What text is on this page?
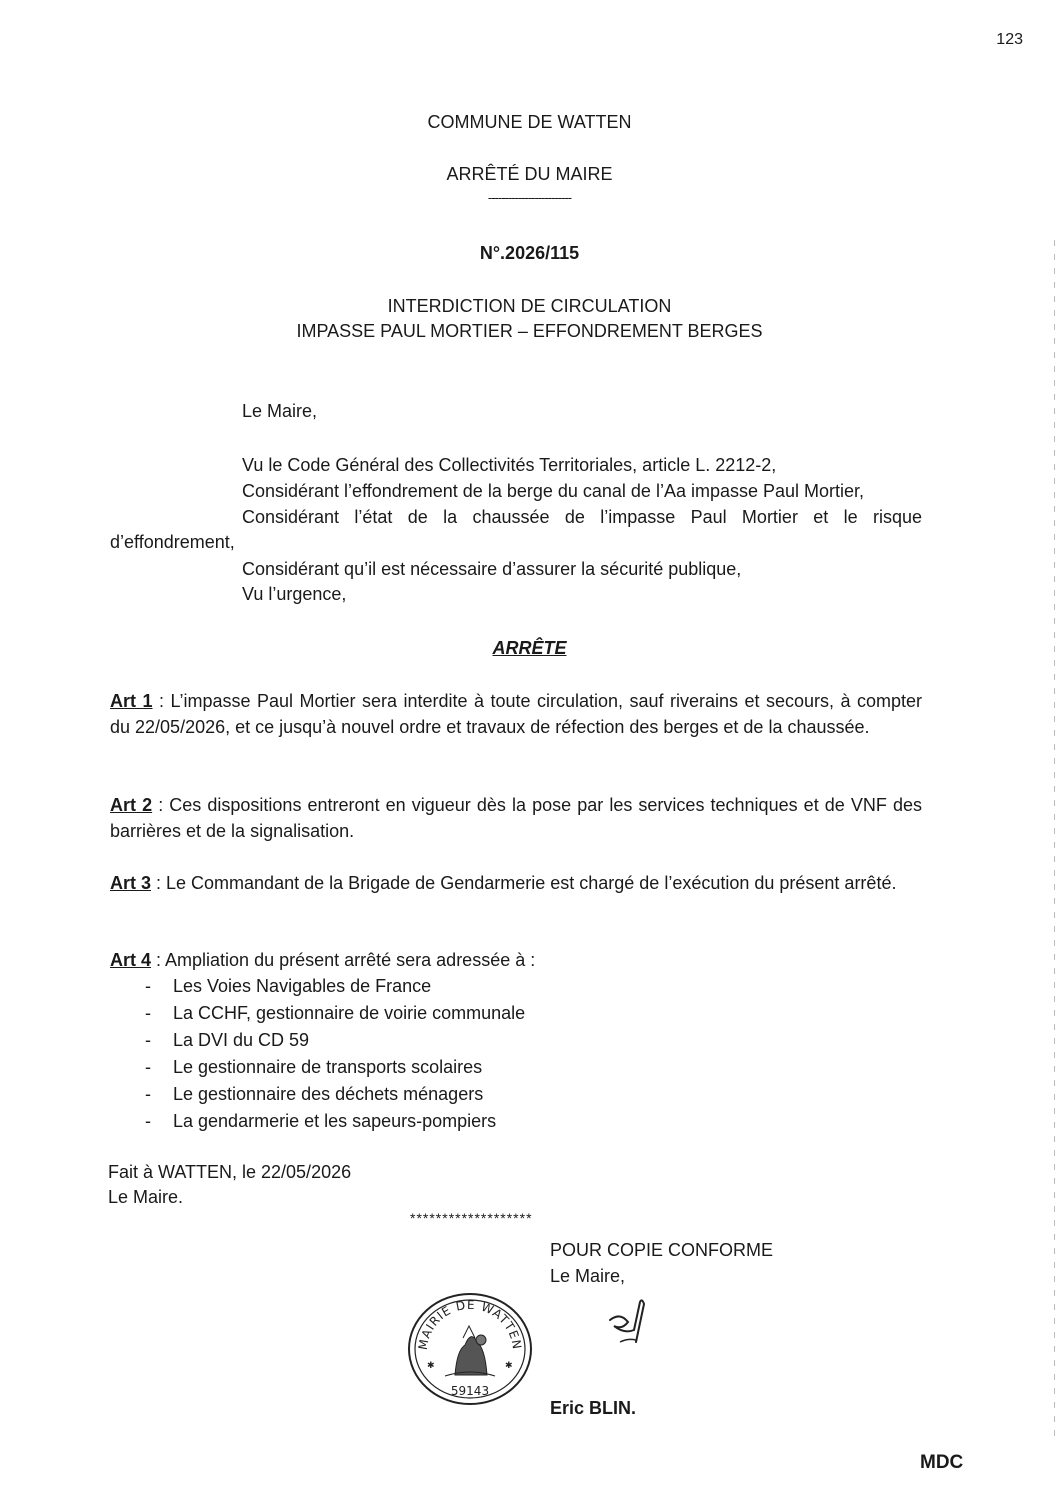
123
COMMUNE DE WATTEN
ARRÊTÉ DU MAIRE
-------------------------
N°.2026/115
INTERDICTION DE CIRCULATION
IMPASSE PAUL MORTIER – EFFONDREMENT BERGES
Le Maire,
Vu le Code Général des Collectivités Territoriales, article L. 2212-2,
Considérant l’effondrement de la berge du canal de l’Aa impasse Paul Mortier,
Considérant l’état de la chaussée de l’impasse Paul Mortier et le risque
d’effondrement,
Considérant qu’il est nécessaire d’assurer la sécurité publique,
Vu l’urgence,
ARRÊTE
Art 1 : L’impasse Paul Mortier sera interdite à toute circulation, sauf riverains et secours, à compter du 22/05/2026, et ce jusqu’à nouvel ordre et travaux de réfection des berges et de la chaussée.
Art 2 : Ces dispositions entreront en vigueur dès la pose par les services techniques et de VNF des barrières et de la signalisation.
Art 3 : Le Commandant de la Brigade de Gendarmerie est chargé de l’exécution du présent arrêté.
Art 4 : Ampliation du présent arrêté sera adressée à :
- Les Voies Navigables de France
- La CCHF, gestionnaire de voirie communale
- La DVI du CD 59
- Le gestionnaire de transports scolaires
- Le gestionnaire des déchets ménagers
- La gendarmerie et les sapeurs-pompiers
Fait à WATTEN, le 22/05/2026
Le Maire.
*******************
POUR COPIE CONFORME
Le Maire,
MAIRIE DE WATTEN
59143
✱	✱
Eric BLIN.
MDC
